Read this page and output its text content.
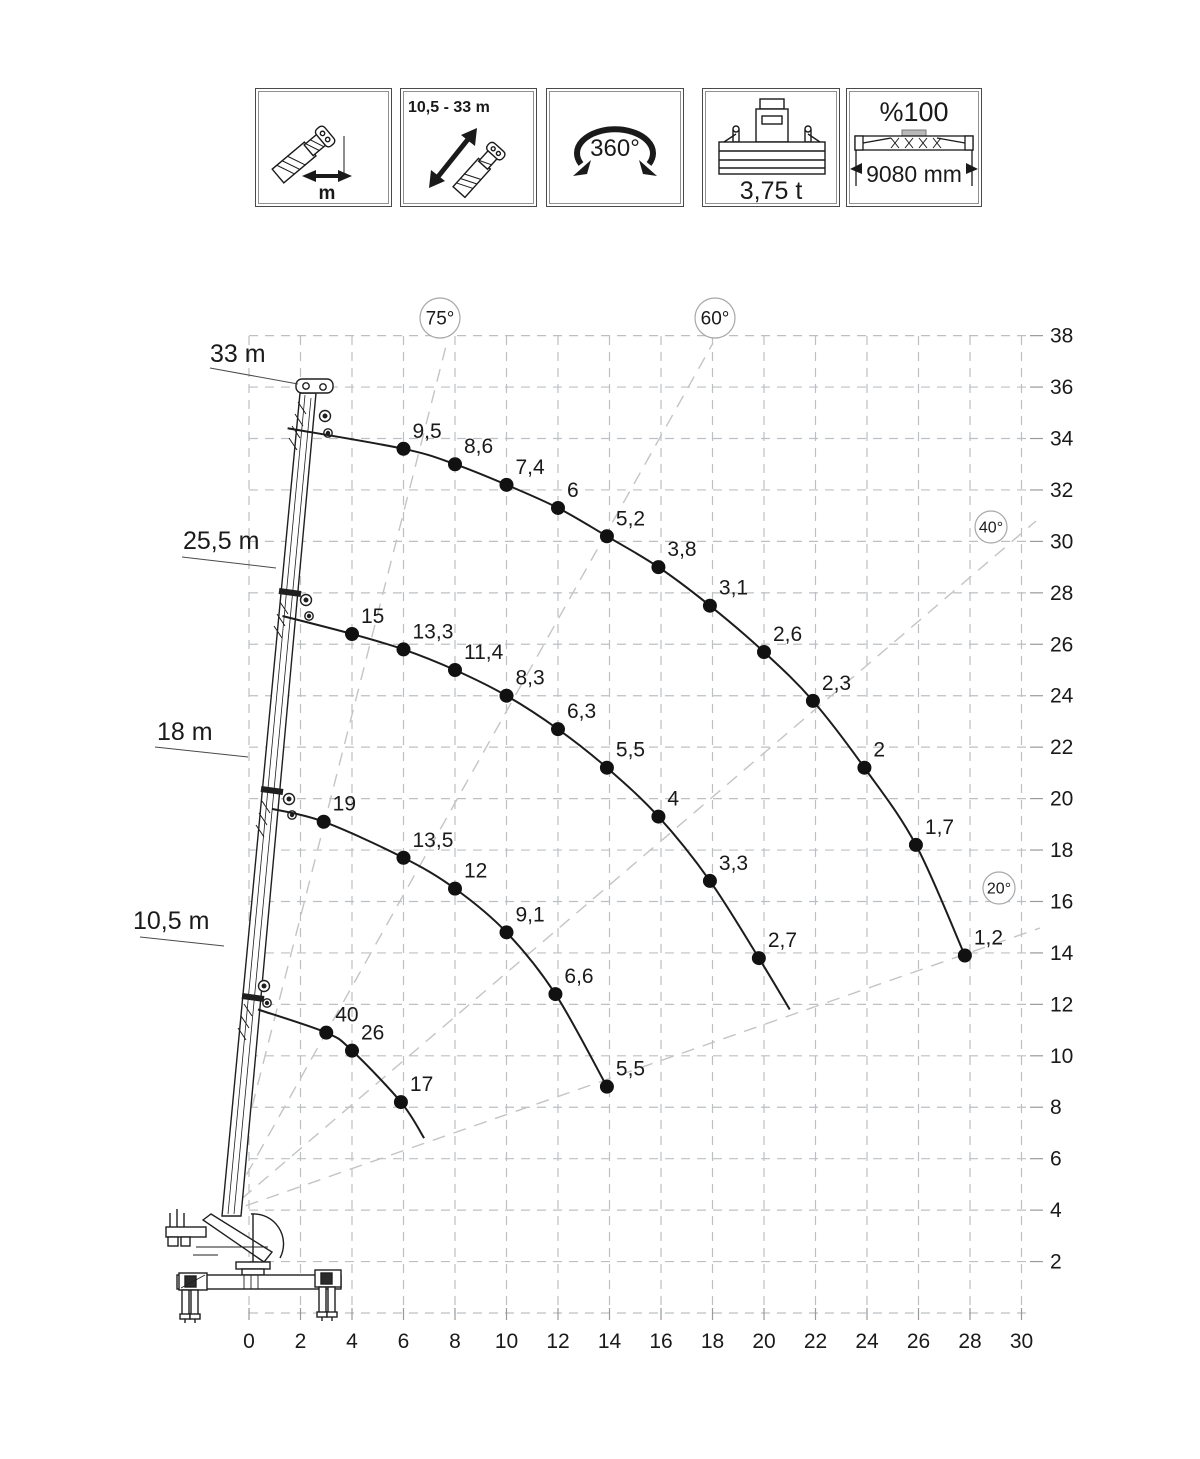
m
10,5 - 33 m
360°
3,75 t
%100
9080 mm
9,5
8,6
7,4
6
5,2
3,8
3,1
2,6
2,3
2
1,7
1,2
15
13,3
11,4
8,3
6,3
5,5
4
3,3
2,7
19
13,5
12
9,1
6,6
5,5
40
26
17
0 2 4 6 8 10 12 14 16 18 20 22 24 26 28 30
2
4
6
8
10
12
14
16
18
20
22
24
26
28
30
32
34
36
38
75°	60°
40°
20°
33 m
25,5 m
18 m
10,5 m
